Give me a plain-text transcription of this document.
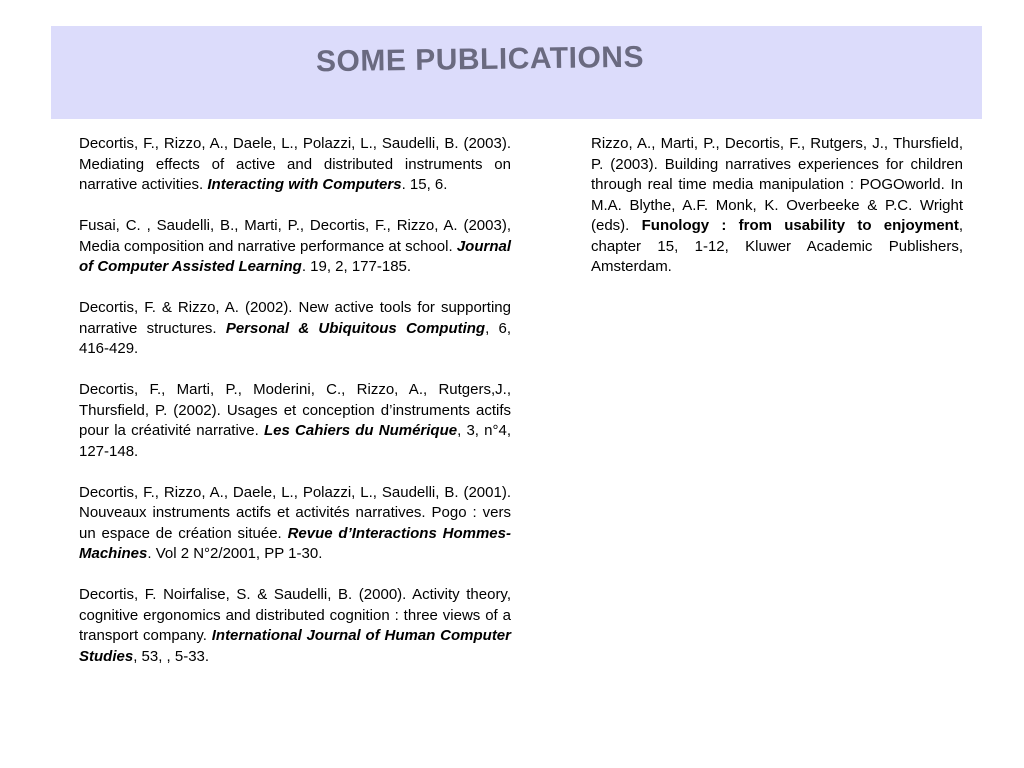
SOME PUBLICATIONS

Decortis, F., Rizzo, A., Daele, L., Polazzi, L., Saudelli, B. (2003). Mediating effects of active and distributed instruments on narrative activities. Interacting with Computers. 15, 6.

Fusai, C. , Saudelli, B., Marti, P., Decortis, F., Rizzo, A. (2003), Media composition and narrative performance at school. Journal of Computer Assisted Learning. 19, 2, 177-185.

Decortis, F. & Rizzo, A. (2002). New active tools for supporting narrative structures. Personal & Ubiquitous Computing, 6, 416-429.

Decortis, F., Marti, P., Moderini, C., Rizzo, A., Rutgers,J., Thursfield, P. (2002). Usages et conception d’instruments actifs pour la créativité narrative. Les Cahiers du Numérique, 3, n°4, 127-148.

Decortis, F., Rizzo, A., Daele, L., Polazzi, L., Saudelli, B. (2001). Nouveaux instruments actifs et activités narratives. Pogo : vers un espace de création située. Revue d’Interactions Hommes-Machines. Vol 2 N°2/2001, PP 1-30.

Decortis, F. Noirfalise, S. & Saudelli, B. (2000). Activity theory, cognitive ergonomics and distributed cognition : three views of a transport company. International Journal of Human Computer Studies, 53, , 5-33.

Rizzo, A., Marti, P., Decortis, F., Rutgers, J., Thursfield, P. (2003). Building narratives experiences for children through real time media manipulation : POGOworld. In M.A. Blythe, A.F. Monk, K. Overbeeke & P.C. Wright (eds). Funology : from usability to enjoyment, chapter 15, 1-12, Kluwer Academic Publishers, Amsterdam.
